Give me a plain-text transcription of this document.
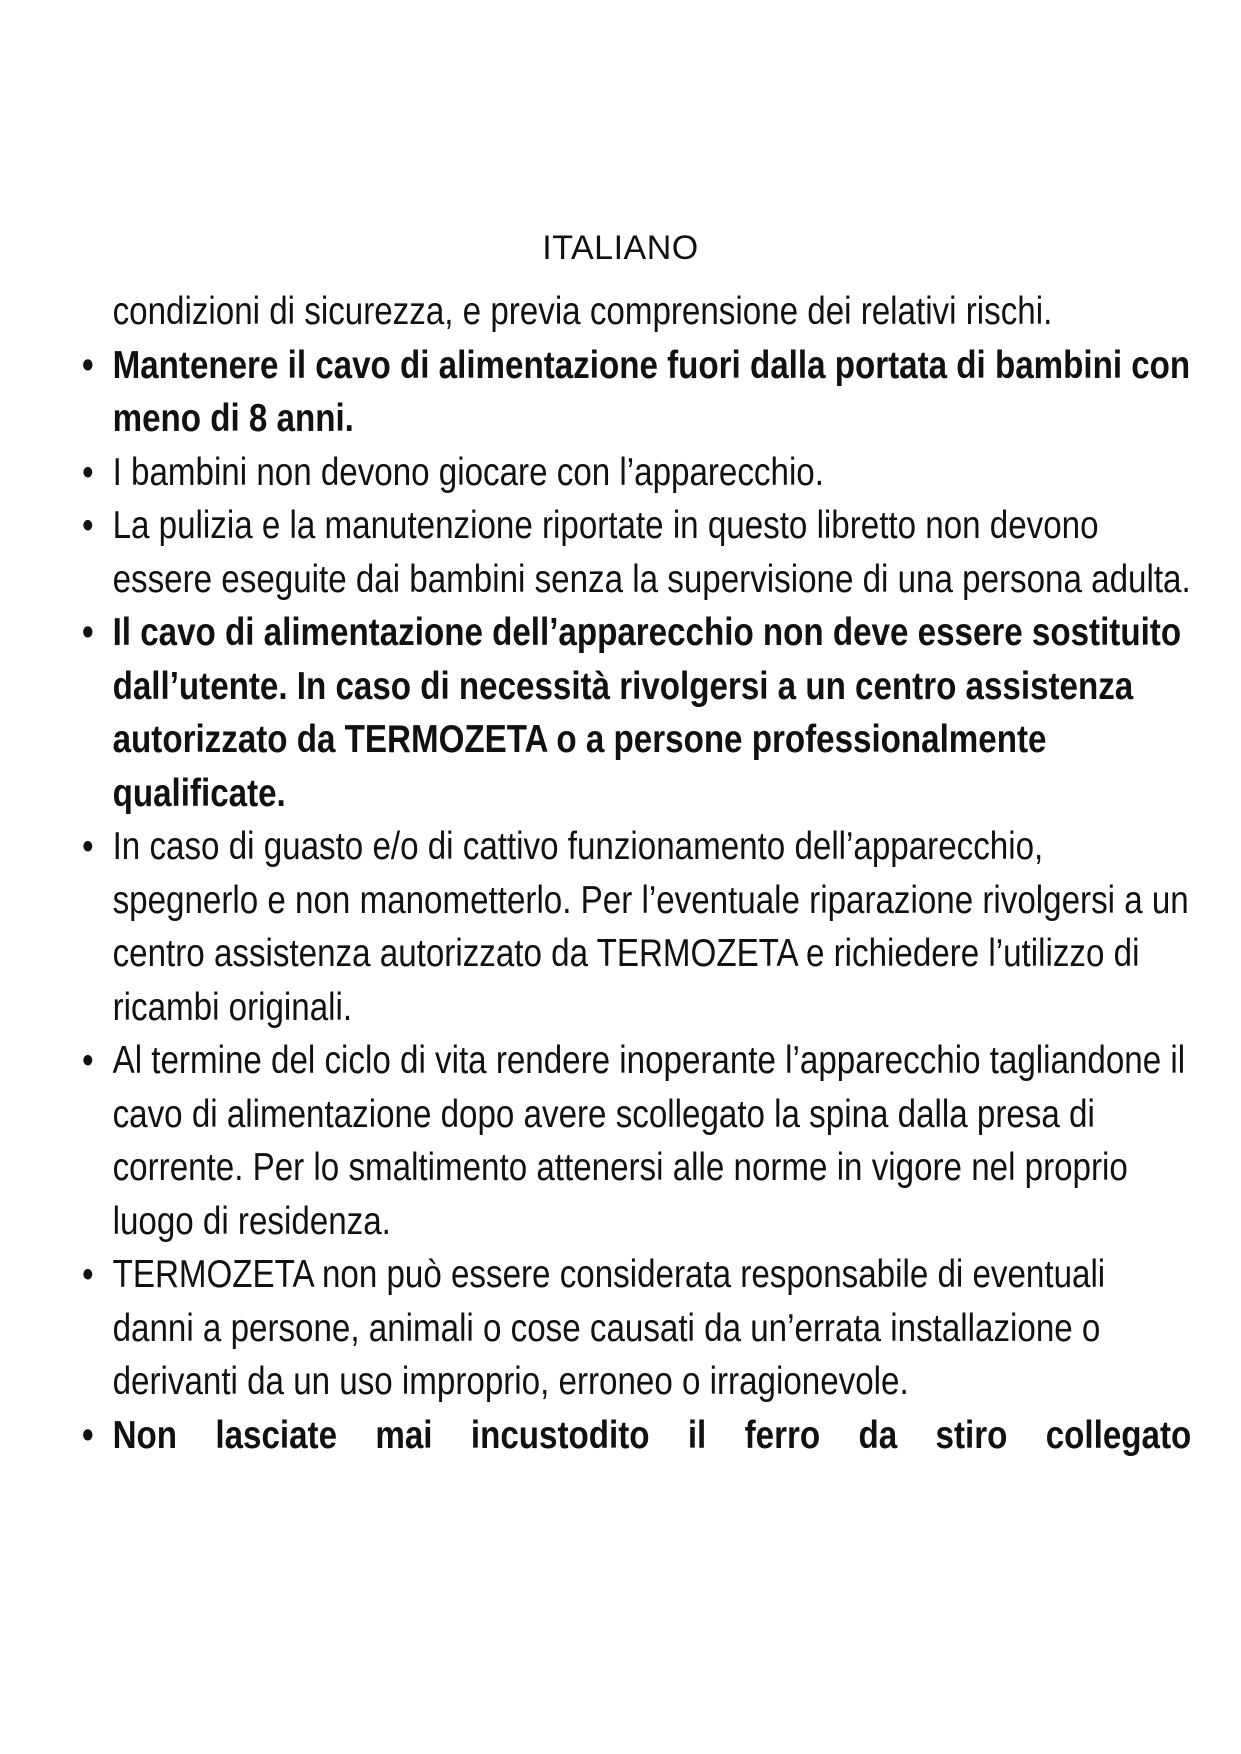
ITALIANO

condizioni di sicurezza, e previa comprensione dei relativi rischi.

• Mantenere il cavo di alimentazione fuori dalla portata di bambini con meno di 8 anni.

• I bambini non devono giocare con l’apparecchio.

• La pulizia e la manutenzione riportate in questo libretto non devono essere eseguite dai bambini senza la supervisione di una persona adulta.

• Il cavo di alimentazione dell’apparecchio non deve essere sostituito dall’utente. In caso di necessità rivolgersi a un centro assistenza autorizzato da TERMOZETA o a persone professionalmente qualificate.

• In caso di guasto e/o di cattivo funzionamento dell’apparecchio, spegnerlo e non manometterlo. Per l’eventuale riparazione rivolgersi a un centro assistenza autorizzato da TERMOZETA e richiedere l’utilizzo di ricambi originali.

• Al termine del ciclo di vita rendere inoperante l’apparecchio tagliandone il cavo di alimentazione dopo avere scollegato la spina dalla presa di corrente. Per lo smaltimento attenersi alle norme in vigore nel proprio luogo di residenza.

• TERMOZETA non può essere considerata responsabile di eventuali danni a persone, animali o cose causati da un’errata installazione o derivanti da un uso improprio, erroneo o irragionevole.

• Non lasciate mai incustodito il ferro da stiro collegato
